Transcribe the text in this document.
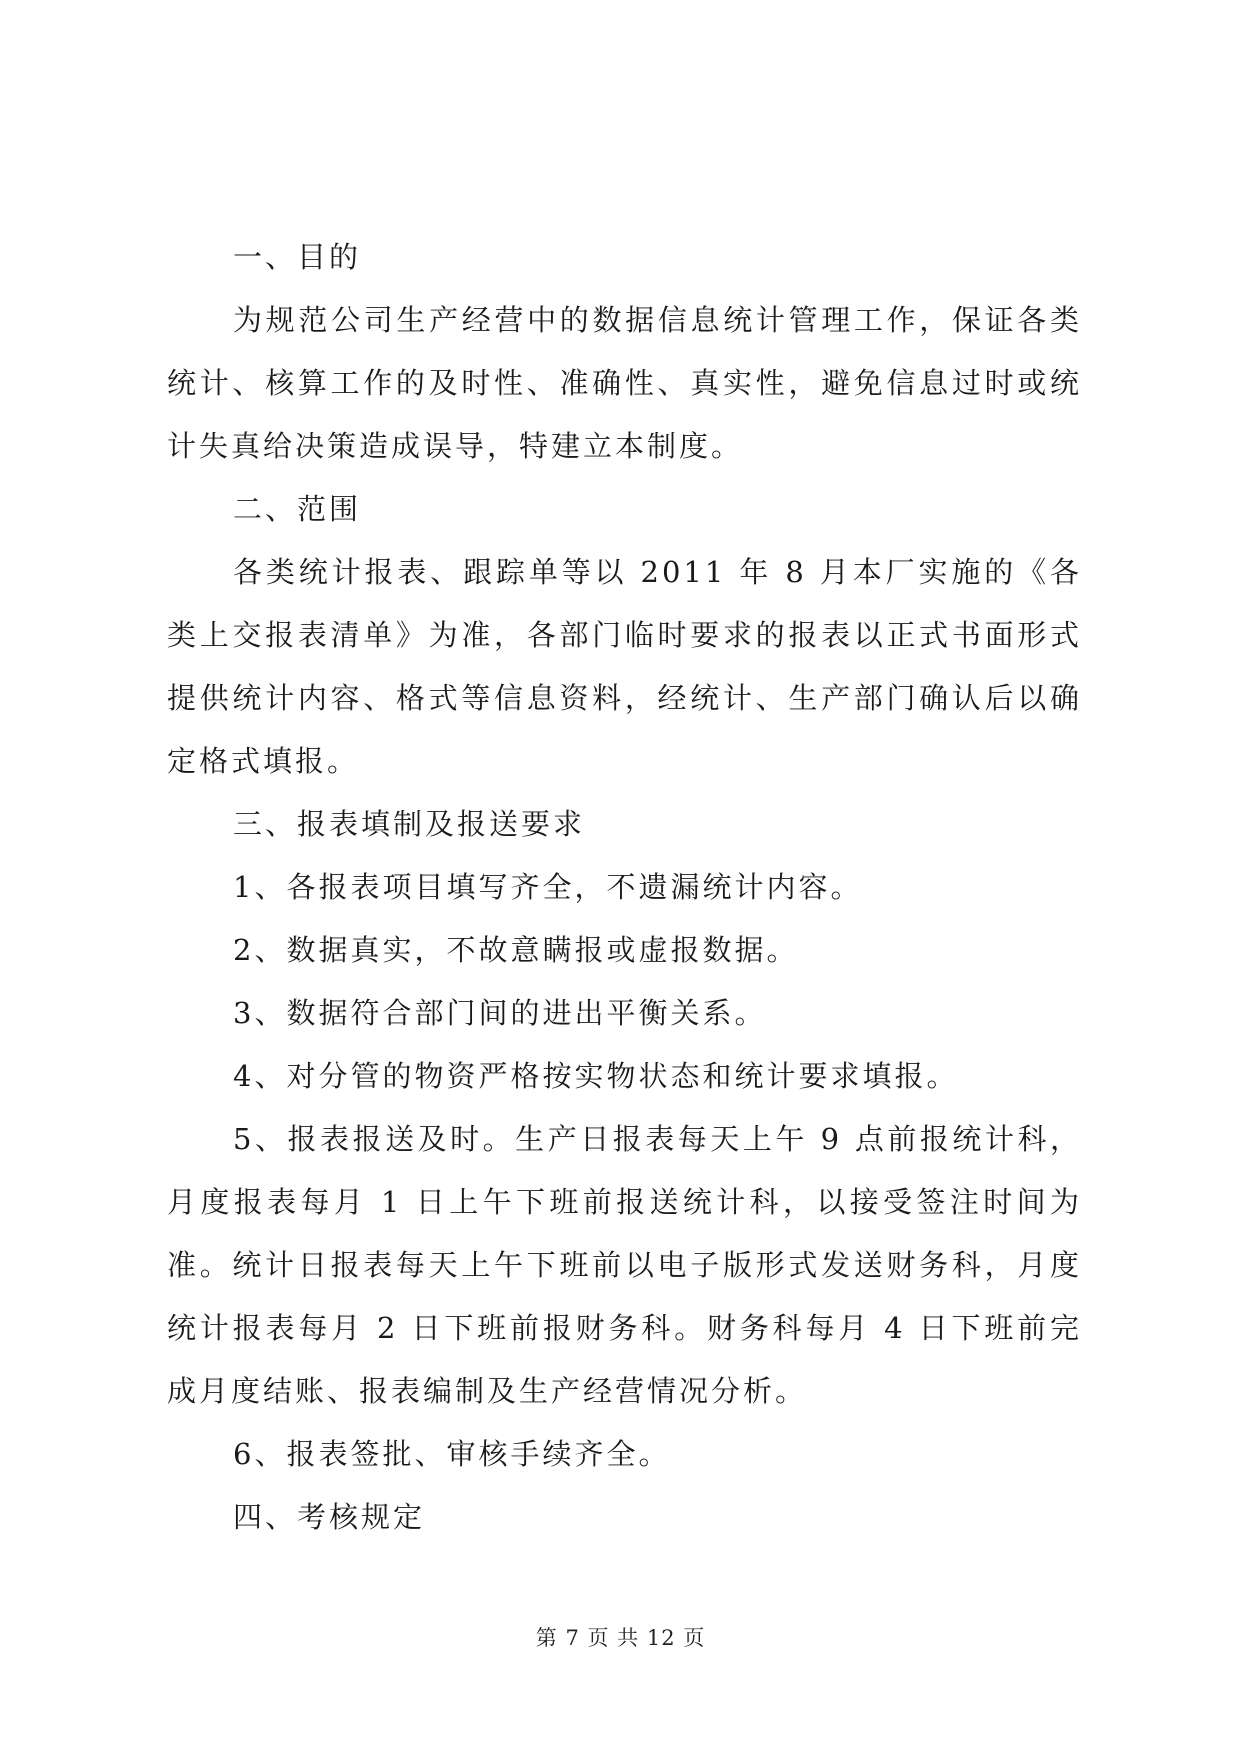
一、目的

为规范公司生产经营中的数据信息统计管理工作，保证各类统计、核算工作的及时性、准确性、真实性，避免信息过时或统计失真给决策造成误导，特建立本制度。

二、范围

各类统计报表、跟踪单等以 2011 年 8 月本厂实施的《各类上交报表清单》为准，各部门临时要求的报表以正式书面形式提供统计内容、格式等信息资料，经统计、生产部门确认后以确定格式填报。

三、报表填制及报送要求

1、各报表项目填写齐全，不遗漏统计内容。

2、数据真实，不故意瞒报或虚报数据。

3、数据符合部门间的进出平衡关系。

4、对分管的物资严格按实物状态和统计要求填报。

5、报表报送及时。生产日报表每天上午 9 点前报统计科，月度报表每月 1 日上午下班前报送统计科，以接受签注时间为准。统计日报表每天上午下班前以电子版形式发送财务科，月度统计报表每月 2 日下班前报财务科。财务科每月 4 日下班前完成月度结账、报表编制及生产经营情况分析。

6、报表签批、审核手续齐全。

四、考核规定

第 7 页 共 12 页
